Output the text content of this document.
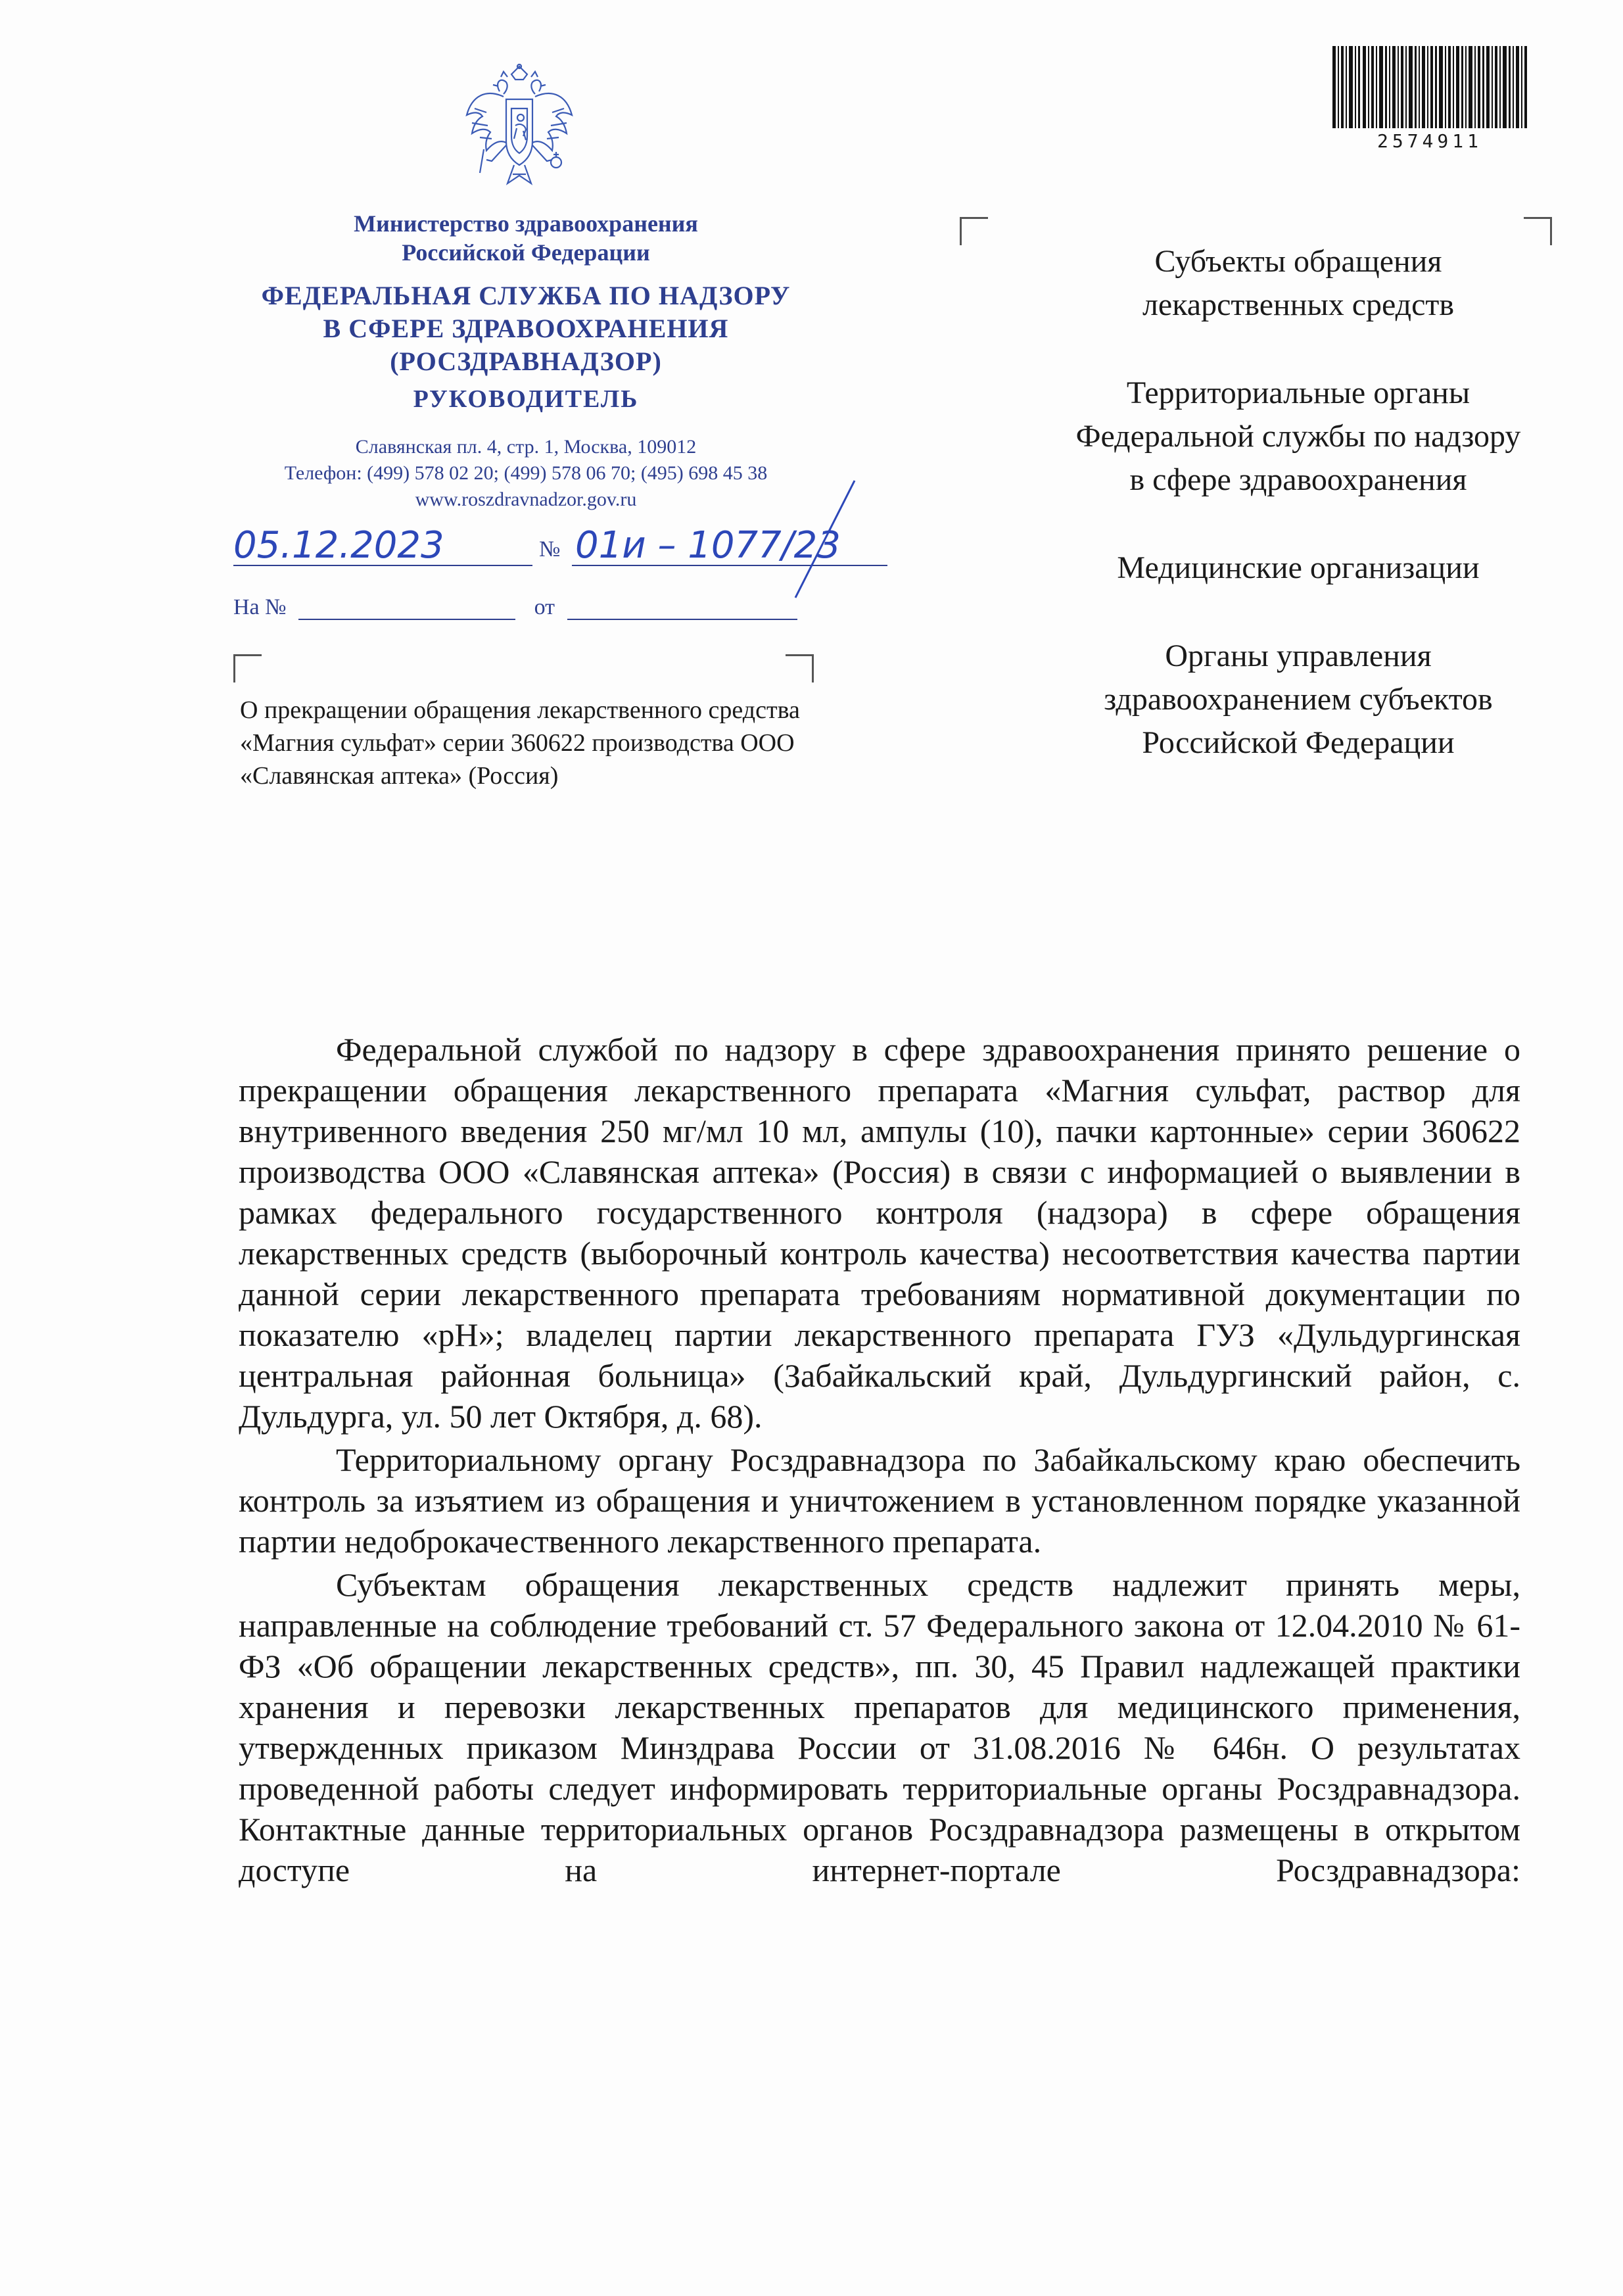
Министерство здравоохранения
Российской Федерации
ФЕДЕРАЛЬНАЯ СЛУЖБА ПО НАДЗОРУ
В СФЕРЕ ЗДРАВООХРАНЕНИЯ
(РОСЗДРАВНАДЗОР)
РУКОВОДИТЕЛЬ
Славянская пл. 4, стр. 1, Москва, 109012
Телефон: (499) 578 02 20; (499) 578 06 70; (495) 698 45 38
www.roszdravnadzor.gov.ru
05.12.2023	№ 01и – 1077/23
На №	от
О прекращении обращения лекарственного средства «Магния сульфат» серии 360622 производства ООО «Славянская аптека» (Россия)
2574911
Субъекты обращения
лекарственных средств
Территориальные органы
Федеральной службы по надзору
в сфере здравоохранения
Медицинские организации
Органы управления
здравоохранением субъектов
Российской Федерации

Федеральной службой по надзору в сфере здравоохранения принято решение о прекращении обращения лекарственного препарата «Магния сульфат, раствор для внутривенного введения 250 мг/мл 10 мл, ампулы (10), пачки картонные» серии 360622 производства ООО «Славянская аптека» (Россия) в связи с информацией о выявлении в рамках федерального государственного контроля (надзора) в сфере обращения лекарственных средств (выборочный контроль качества) несоответствия качества партии данной серии лекарственного препарата требованиям нормативной документации по показателю «pH»; владелец партии лекарственного препарата ГУЗ «Дульдургинская центральная районная больница» (Забайкальский край, Дульдургинский район, с. Дульдурга, ул. 50 лет Октября, д. 68).

Территориальному органу Росздравнадзора по Забайкальскому краю обеспечить контроль за изъятием из обращения и уничтожением в установленном порядке указанной партии недоброкачественного лекарственного препарата.

Субъектам обращения лекарственных средств надлежит принять меры, направленные на соблюдение требований ст. 57 Федерального закона от 12.04.2010 № 61-ФЗ «Об обращении лекарственных средств», пп. 30, 45 Правил надлежащей практики хранения и перевозки лекарственных препаратов для медицинского применения, утвержденных приказом Минздрава России от 31.08.2016 № 646н. О результатах проведенной работы следует информировать территориальные органы Росздравнадзора. Контактные данные территориальных органов Росздравнадзора размещены в открытом доступе на интернет-портале Росздравнадзора:
